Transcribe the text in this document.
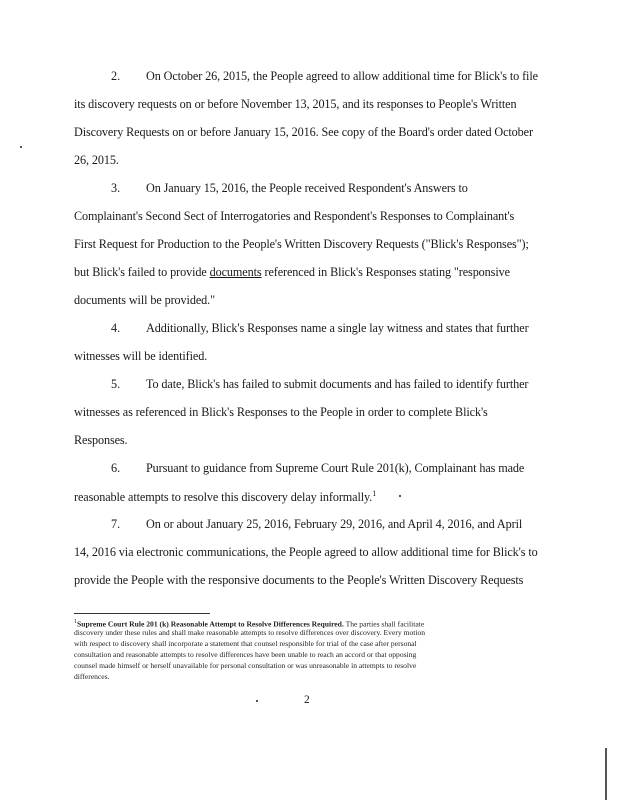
2. On October 26, 2015, the People agreed to allow additional time for Blick's to file
its discovery requests on or before November 13, 2015, and its responses to People's Written
Discovery Requests on or before January 15, 2016. See copy of the Board's order dated October
26, 2015.
3. On January 15, 2016, the People received Respondent's Answers to
Complainant's Second Sect of Interrogatories and Respondent's Responses to Complainant's
First Request for Production to the People's Written Discovery Requests ("Blick's Responses");
but Blick's failed to provide documents referenced in Blick's Responses stating "responsive
documents will be provided."
4. Additionally, Blick's Responses name a single lay witness and states that further
witnesses will be identified.
5. To date, Blick's has failed to submit documents and has failed to identify further
witnesses as referenced in Blick's Responses to the People in order to complete Blick's
Responses.
6. Pursuant to guidance from Supreme Court Rule 201(k), Complainant has made
reasonable attempts to resolve this discovery delay informally.$^1$
7. On or about January 25, 2016, February 29, 2016, and April 4, 2016, and April
14, 2016 via electronic communications, the People agreed to allow additional time for Blick's to
provide the People with the responsive documents to the People's Written Discovery Requests
$^1$Supreme Court Rule 201 (k) Reasonable Attempt to Resolve Differences Required. The parties shall facilitate
discovery under these rules and shall make reasonable attempts to resolve differences over discovery. Every motion
with respect to discovery shall incorporate a statement that counsel responsible for trial of the case after personal
consultation and reasonable attempts to resolve differences have been unable to reach an accord or that opposing
counsel made himself or herself unavailable for personal consultation or was unreasonable in attempts to resolve
differences.
2
